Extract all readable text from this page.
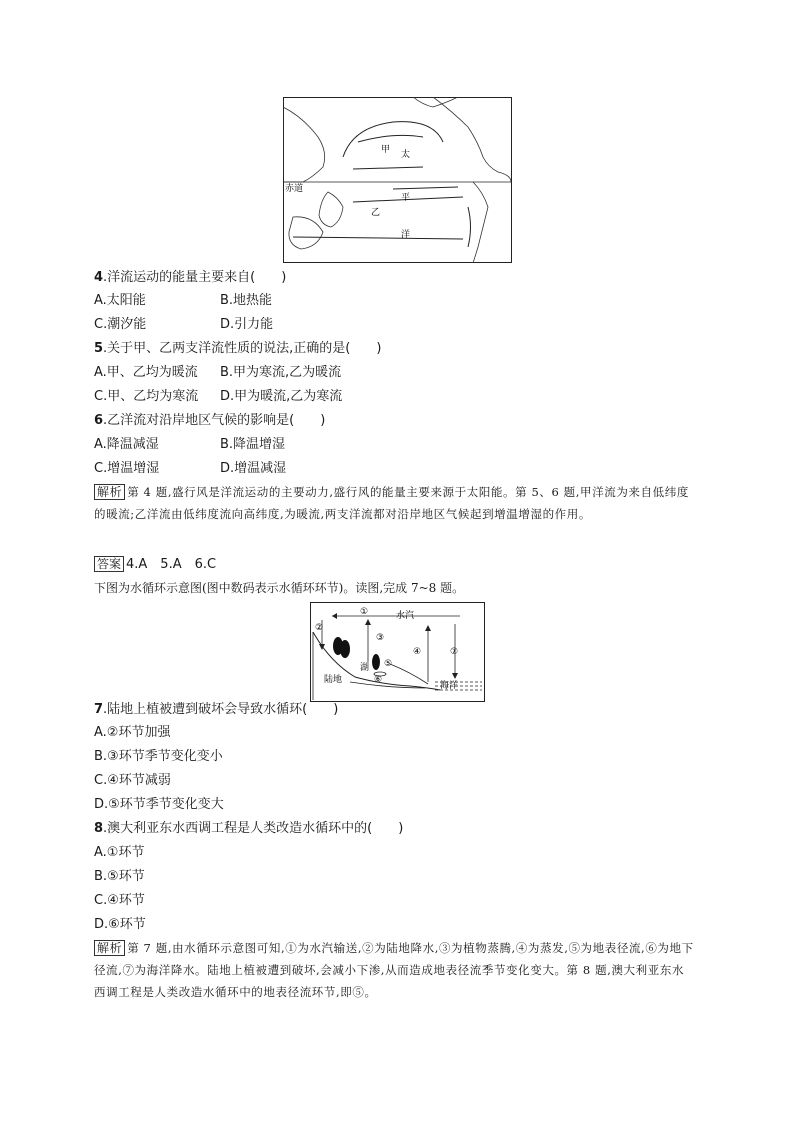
甲 太
平
洋
乙
赤道
4.洋流运动的能量主要来自(　　)
A.太阳能	B.地热能
C.潮汐能	D.引力能
5.关于甲、乙两支洋流性质的说法,正确的是(　　)
A.甲、乙均为暖流 B.甲为寒流,乙为暖流
C.甲、乙均为寒流 D.甲为暖流,乙为寒流
6.乙洋流对沿岸地区气候的影响是(　　)
A.降温减湿	B.降温增湿
C.增温增湿	D.增温减湿
解析 第 4 题,盛行风是洋流运动的主要动力,盛行风的能量主要来源于太阳能。第 5、6 题,甲洋流为来自低纬度的暖流;乙洋流由低纬度流向高纬度,为暖流,两支洋流都对沿岸地区气候起到增温增湿的作用。
答案 4.A　5.A　6.C
下图为水循环示意图(图中数码表示水循环环节)。读图,完成 7~8 题。
②
①	水汽
③
④	⑦
湖 ⑤
⑥
陆地
海洋
7.陆地上植被遭到破坏会导致水循环(　　)
A.②环节加强
B.③环节季节变化变小
C.④环节减弱
D.⑤环节季节变化变大
8.澳大利亚东水西调工程是人类改造水循环中的(　　)
A.①环节
B.⑤环节
C.④环节
D.⑥环节
解析 第 7 题,由水循环示意图可知,①为水汽输送,②为陆地降水,③为植物蒸腾,④为蒸发,⑤为地表径流,⑥为地下径流,⑦为海洋降水。陆地上植被遭到破坏,会减小下渗,从而造成地表径流季节变化变大。第 8 题,澳大利亚东水西调工程是人类改造水循环中的地表径流环节,即⑤。
